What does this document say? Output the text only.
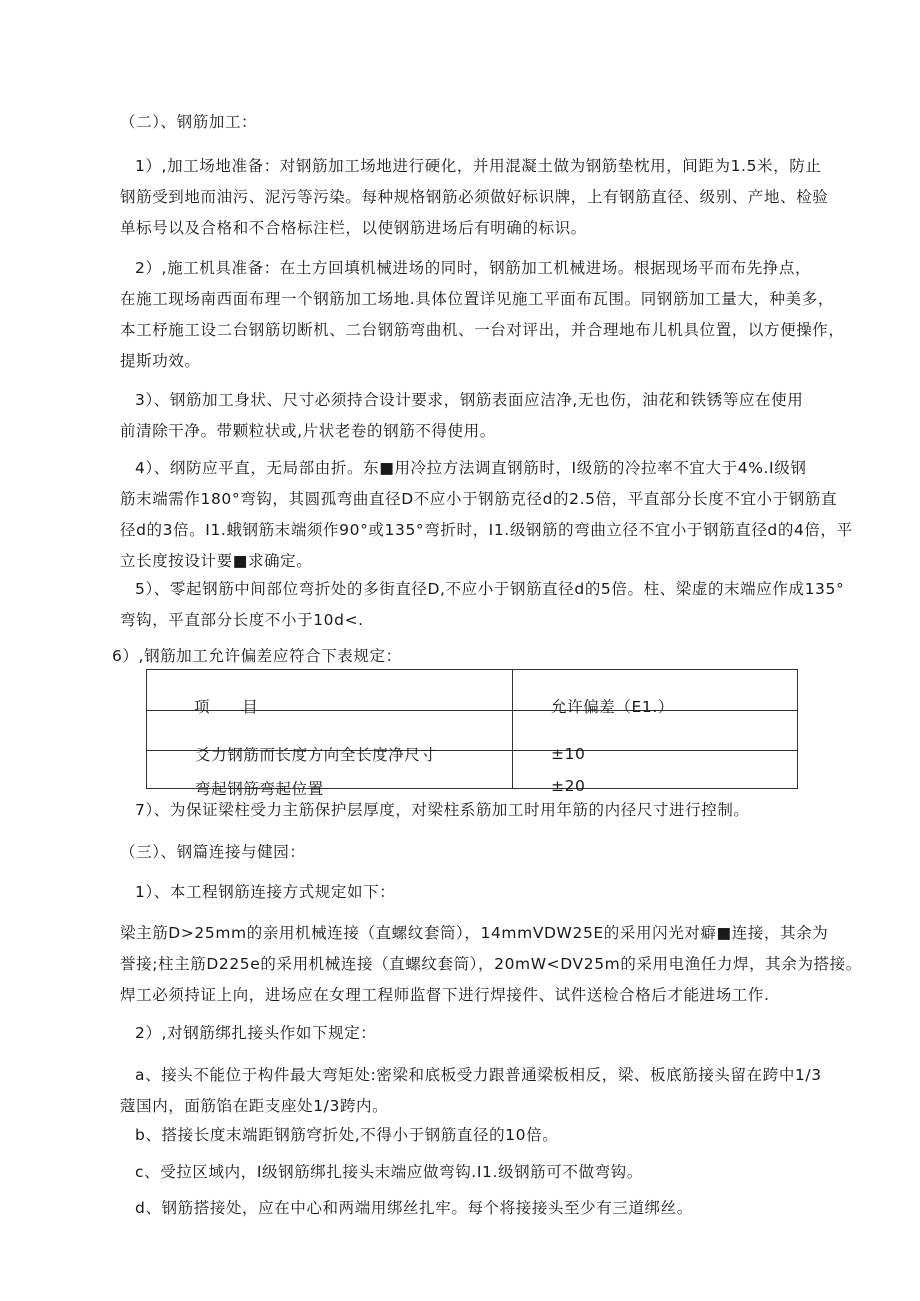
（二）、钢筋加工：

1）,加工场地准备：对钢筋加工场地进行硬化，并用混凝土做为钢筋垫枕用，间距为1.5米，防止
钢筋受到地而油污、泥污等污染。每种规格钢筋必须做好标识牌，上有钢筋直径、级别、产地、检验
单标号以及合格和不合格标注栏，以使钢筋进场后有明确的标识。
2）,施工机具准备：在土方回填机械进场的同时，钢筋加工机械进场。根据现场平而布先挣点，
在施工现场南西面布理一个钢筋加工场地.具体位置详见施工平面布瓦围。同钢筋加工量大，种美多，
本工杼施工设二台钢筋切断机、二台钢筋弯曲机、一台对评出，并合理地布儿机具位置，以方便操作，
提斯功效。
3）、钢筋加工身状、尺寸必须持合设计要求，钢筋表面应洁净,无也伤，油花和铁锈等应在使用
前清除干净。带颗粒状或,片状老卷的钢筋不得使用。
4）、纲防应平直，无局部由折。东■用冷拉方法调直钢筋时，I级筋的冷拉率不宜大于4%.I级钢
筋末端需作180°弯钩，其圆孤弯曲直径D不应小于钢筋克径d的2.5倍，平直部分长度不宜小于钢筋直
径d的3倍。I1.蛾钢筋末端须作90°或135°弯折时，I1.级钢筋的弯曲立径不宜小于钢筋直径d的4倍，平
立长度按设计要■求确定。
5）、零起钢筋中间部位弯折处的多街直径D,不应小于钢筋直径d的5倍。柱、梁虚的末端应作成135°
弯钩，平直部分长度不小于10d<.

6）,钢筋加工允许偏差应符合下表规定：

项　　目	允许偏差（E1.）

爻力钢筋而长度方向全长度净尺寸	±10

弯起钢筋弯起位置	±20

7）、为保证梁柱受力主筋保护层厚度，对梁柱系筋加工时用年筋的内径尺寸进行控制。

（三）、钢篇连接与健园：

1）、本工程钢筋连接方式规定如下：

梁主筋D>25mm的亲用机械连接（直螺纹套筒），14mmVDW25E的采用闪光对癖■连接，其余为
誉接;柱主筋D225e的采用机械连接（直螺纹套筒），20mW<DV25m的采用电渔任力焊，其余为搭接。
焊工必须持证上向，进场应在女理工程师监督下进行焊接件、试件送检合格后才能进场工作.

2）,对钢筋绑扎接头作如下规定：

a、接头不能位于构件最大弯矩处:密梁和底板受力跟普通梁板相反，梁、板底筋接头留在跨中1/3
蔻国内，面筋馅在距支座处1/3跨内。

b、搭接长度末端距钢筋穹折处,不得小于钢筋直径的10倍。

c、受拉区域内，I级钢筋绑扎接头末端应做弯钩.I1.级钢筋可不做弯钩。

d、钢筋搭接处，应在中心和两端用绑丝扎牢。每个将接接头至少有三道绑丝。
